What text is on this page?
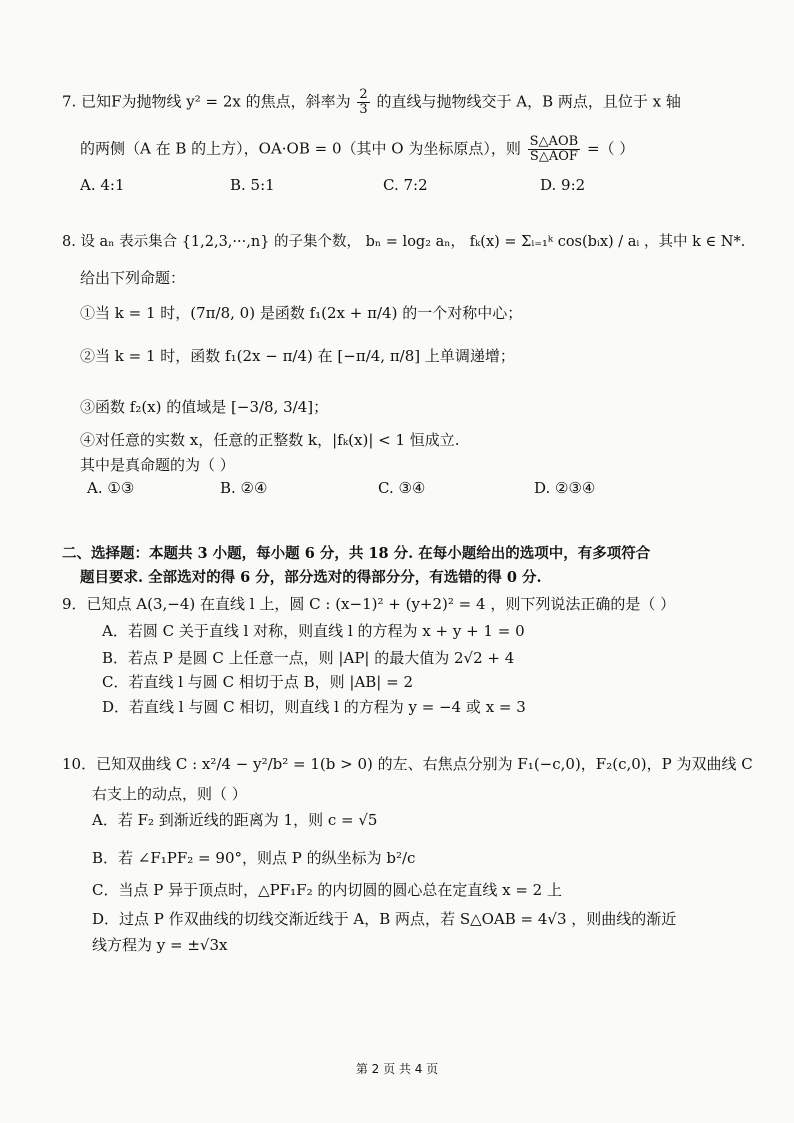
7. 已知F为抛物线 y² = 2x 的焦点，斜率为 $\frac{2}{3}$ 的直线与抛物线交于 A，B 两点，且位于 x 轴
的两侧（A 在 B 的上方），OA·OB = 0（其中 O 为坐标原点），则 $\frac{\text{S△AOB}}{\text{S△AOF}}$ =（ ）
A. 4:1	B. 5:1	C. 7:2	D. 9:2
8. 设 aₙ 表示集合 {1,2,3,···,n} 的子集个数， bₙ = log₂ aₙ， fₖ(x) = Σᵢ₌₁ᵏ cos(bᵢx) / aᵢ ，其中 k ∈ N*.
给出下列命题：
①当 k = 1 时，(7π/8, 0) 是函数 f₁(2x + π/4) 的一个对称中心；
②当 k = 1 时，函数 f₁(2x − π/4) 在 [−π/4, π/8] 上单调递增；
③函数 f₂(x) 的值域是 [−3/8, 3/4]；
④对任意的实数 x，任意的正整数 k，|fₖ(x)| < 1 恒成立.
其中是真命题的为（ ）
A. ①③	B. ②④	C. ③④	D. ②③④
二、选择题：本题共 3 小题，每小题 6 分，共 18 分. 在每小题给出的选项中，有多项符合
题目要求. 全部选对的得 6 分，部分选对的得部分分，有选错的得 0 分.
9．已知点 A(3,−4) 在直线 l 上，圆 C : (x−1)² + (y+2)² = 4 ，则下列说法正确的是（ ）
A．若圆 C 关于直线 l 对称，则直线 l 的方程为 x + y + 1 = 0
B．若点 P 是圆 C 上任意一点，则 |AP| 的最大值为 2√2 + 4
C．若直线 l 与圆 C 相切于点 B，则 |AB| = 2
D．若直线 l 与圆 C 相切，则直线 l 的方程为 y = −4 或 x = 3
10．已知双曲线 C : x²/4 − y²/b² = 1(b > 0) 的左、右焦点分别为 F₁(−c,0)，F₂(c,0)，P 为双曲线 C
右支上的动点，则（ ）
A．若 F₂ 到渐近线的距离为 1，则 c = √5
B．若 ∠F₁PF₂ = 90°，则点 P 的纵坐标为 b²/c
C．当点 P 异于顶点时，△PF₁F₂ 的内切圆的圆心总在定直线 x = 2 上
D．过点 P 作双曲线的切线交渐近线于 A，B 两点，若 S△OAB = 4√3 ，则曲线的渐近
线方程为 y = ±√3x
第 2 页 共 4 页
